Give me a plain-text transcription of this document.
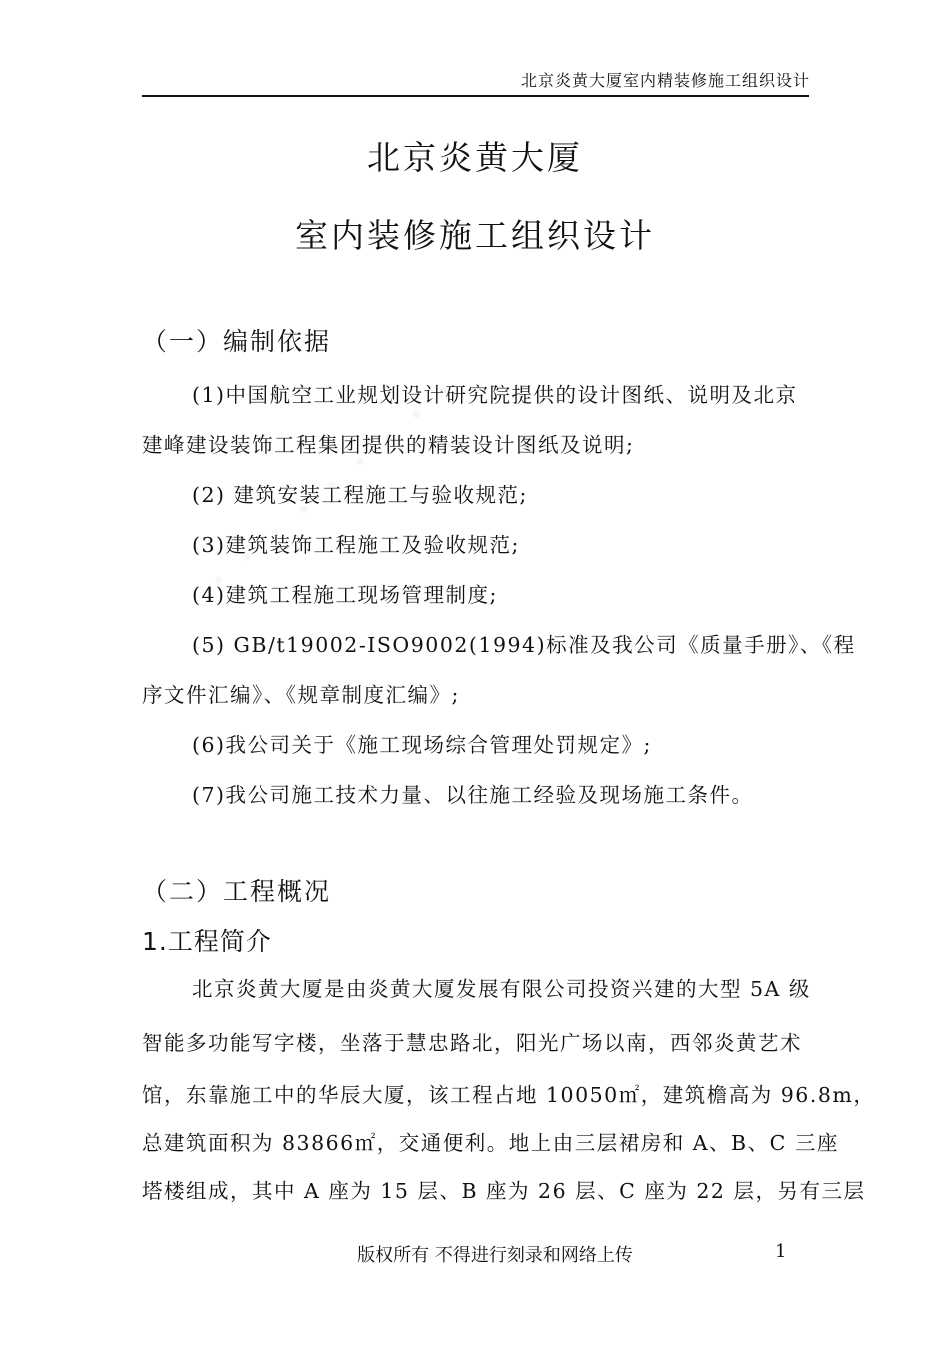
北京炎黄大厦室内精装修施工组织设计
北京炎黄大厦
室内装修施工组织设计
（一）编制依据
(1)中国航空工业规划设计研究院提供的设计图纸、说明及北京
建峰建设装饰工程集团提供的精装设计图纸及说明;
(2) 建筑安装工程施工与验收规范;
(3)建筑装饰工程施工及验收规范;
(4)建筑工程施工现场管理制度;
(5) GB/t19002-ISO9002(1994)标准及我公司《质量手册》、《程
序文件汇编》、《规章制度汇编》;
(6)我公司关于《施工现场综合管理处罚规定》;
(7)我公司施工技术力量、以往施工经验及现场施工条件。
（二）工程概况
1.工程简介
北京炎黄大厦是由炎黄大厦发展有限公司投资兴建的大型 5A 级
智能多功能写字楼，坐落于慧忠路北，阳光广场以南，西邻炎黄艺术
馆，东靠施工中的华辰大厦，该工程占地 10050㎡，建筑檐高为 96.8m，
总建筑面积为 83866㎡，交通便利。地上由三层裙房和 A、B、C 三座
塔楼组成，其中 A 座为 15 层、B 座为 26 层、C 座为 22 层，另有三层
版权所有 不得进行刻录和网络上传	1
